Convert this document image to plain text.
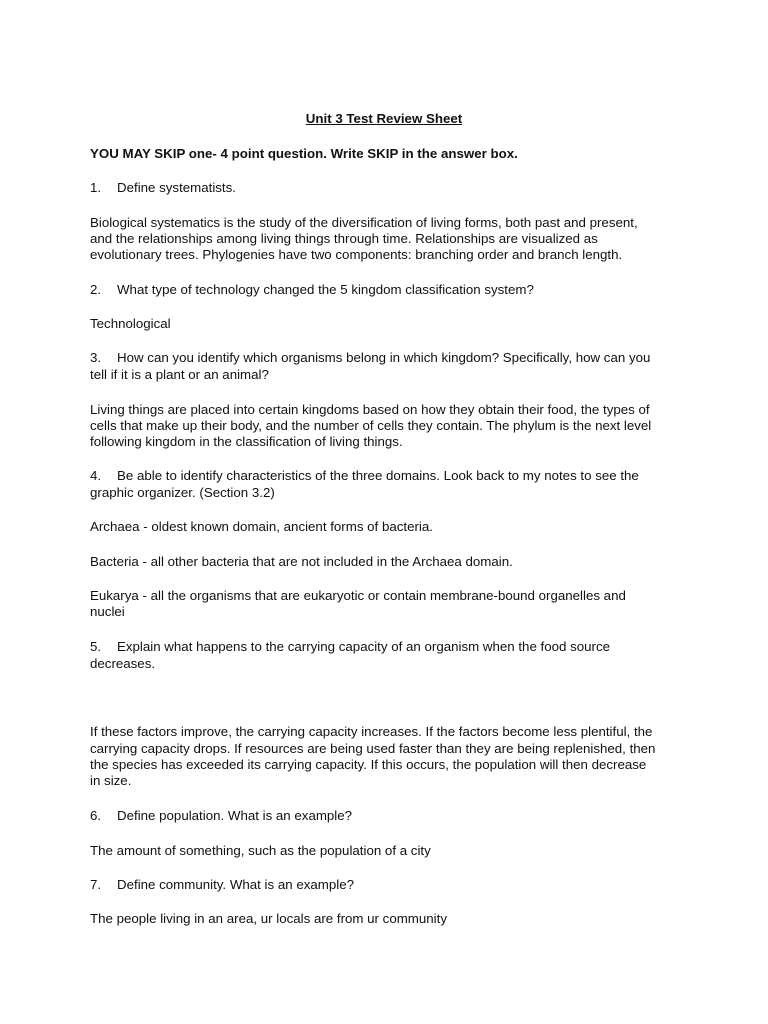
Unit 3 Test Review Sheet
YOU MAY SKIP one- 4 point question. Write SKIP in the answer box.
1. Define systematists.
Biological systematics is the study of the diversification of living forms, both past and present,
and the relationships among living things through time. Relationships are visualized as
evolutionary trees. Phylogenies have two components: branching order and branch length.
2. What type of technology changed the 5 kingdom classification system?
Technological
3. How can you identify which organisms belong in which kingdom? Specifically, how can you
tell if it is a plant or an animal?
Living things are placed into certain kingdoms based on how they obtain their food, the types of
cells that make up their body, and the number of cells they contain. The phylum is the next level
following kingdom in the classification of living things.
4. Be able to identify characteristics of the three domains. Look back to my notes to see the
graphic organizer. (Section 3.2)
Archaea - oldest known domain, ancient forms of bacteria.
Bacteria - all other bacteria that are not included in the Archaea domain.
Eukarya - all the organisms that are eukaryotic or contain membrane-bound organelles and
nuclei
5. Explain what happens to the carrying capacity of an organism when the food source
decreases.
If these factors improve, the carrying capacity increases. If the factors become less plentiful, the
carrying capacity drops. If resources are being used faster than they are being replenished, then
the species has exceeded its carrying capacity. If this occurs, the population will then decrease
in size.
6. Define population. What is an example?
The amount of something, such as the population of a city
7. Define community. What is an example?
The people living in an area, ur locals are from ur community
